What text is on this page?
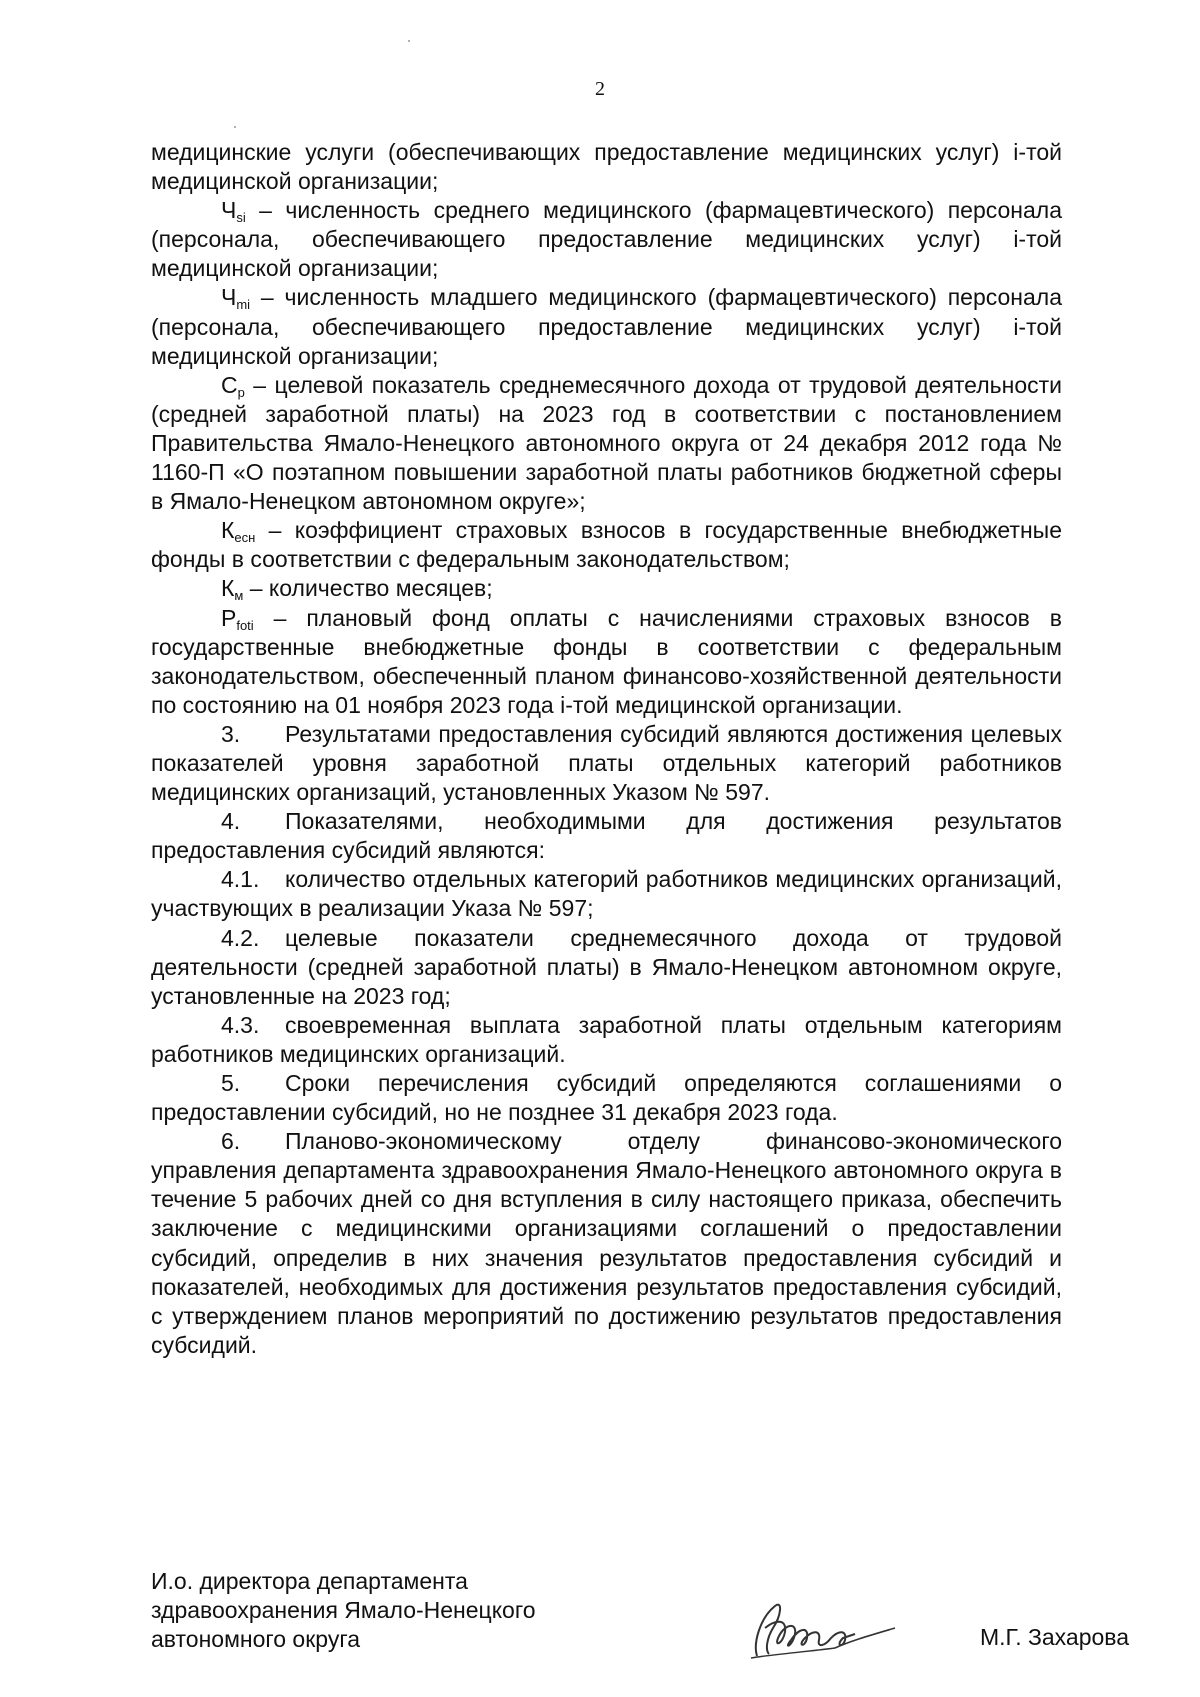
2

медицинские услуги (обеспечивающих предоставление медицинских услуг) i-той медицинской организации;

$Ч_{si}$ – численность среднего медицинского (фармацевтического) персонала (персонала, обеспечивающего предоставление медицинских услуг) i-той медицинской организации;

$Ч_{mi}$ – численность младшего медицинского (фармацевтического) персонала (персонала, обеспечивающего предоставление медицинских услуг) i-той медицинской организации;

$С_р$ – целевой показатель среднемесячного дохода от трудовой деятельности (средней заработной платы) на 2023 год в соответствии с постановлением Правительства Ямало-Ненецкого автономного округа от 24 декабря 2012 года № 1160-П «О поэтапном повышении заработной платы работников бюджетной сферы в Ямало-Ненецком автономном округе»;

$К_{есн}$ – коэффициент страховых взносов в государственные внебюджетные фонды в соответствии с федеральным законодательством;

$К_м$ – количество месяцев;

$Р_{foti}$ – плановый фонд оплаты с начислениями страховых взносов в государственные внебюджетные фонды в соответствии с федеральным законодательством, обеспеченный планом финансово-хозяйственной деятельности по состоянию на 01 ноября 2023 года i-той медицинской организации.

3. Результатами предоставления субсидий являются достижения целевых показателей уровня заработной платы отдельных категорий работников медицинских организаций, установленных Указом № 597.

4. Показателями, необходимыми для достижения результатов предоставления субсидий являются:

4.1. количество отдельных категорий работников медицинских организаций, участвующих в реализации Указа № 597;

4.2. целевые показатели среднемесячного дохода от трудовой деятельности (средней заработной платы) в Ямало-Ненецком автономном округе, установленные на 2023 год;

4.3. своевременная выплата заработной платы отдельным категориям работников медицинских организаций.

5. Сроки перечисления субсидий определяются соглашениями о предоставлении субсидий, но не позднее 31 декабря 2023 года.

6. Планово-экономическому отделу финансово-экономического управления департамента здравоохранения Ямало-Ненецкого автономного округа в течение 5 рабочих дней со дня вступления в силу настоящего приказа, обеспечить заключение с медицинскими организациями соглашений о предоставлении субсидий, определив в них значения результатов предоставления субсидий и показателей, необходимых для достижения результатов предоставления субсидий, с утверждением планов мероприятий по достижению результатов предоставления субсидий.

И.о. директора департамента
здравоохранения Ямало-Ненецкого
автономного округа	М.Г. Захарова
